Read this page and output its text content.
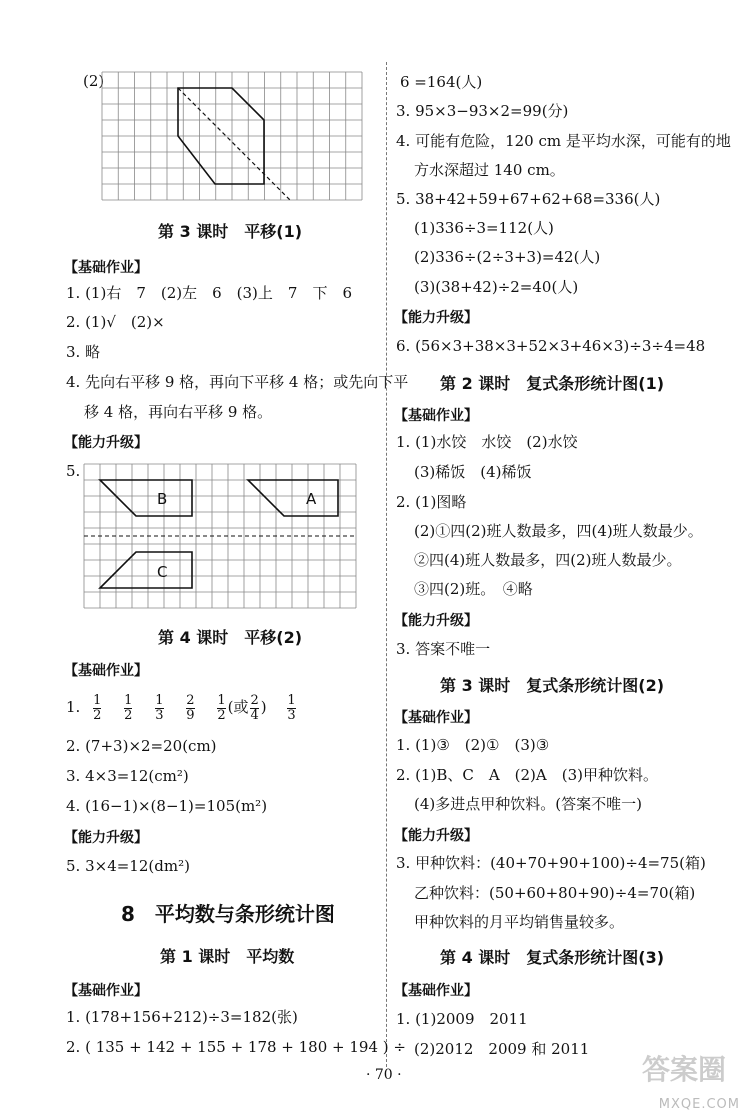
(2)
第 3 课时　平移(1)
【基础作业】
1. (1)右　7　(2)左　6　(3)上　7　下　6
2. (1)√　(2)×
3. 略
4. 先向右平移 9 格，再向下平移 4 格；或先向下平
移 4 格，再向右平移 9 格。
【能力升级】
5.
B	A
C
第 4 课时　平移(2)
【基础作业】
1. $\frac{1}{2}$
$\frac{1}{2}$
$\frac{1}{3}$
$\frac{2}{9}$
$\frac{1}{2}$ (或 $\frac{2}{4}$ ) $\frac{1}{3}$
2. (7+3)×2=20(cm)
3. 4×3=12(cm²)
4. (16−1)×(8−1)=105(m²)
【能力升级】
5. 3×4=12(dm²)
8　平均数与条形统计图
第 1 课时　平均数
【基础作业】
1. (178+156+212)÷3=182(张)
2. ( 135 + 142 + 155 + 178 + 180 + 194 ) ÷
6 =164(人)
3. 95×3−93×2=99(分)
4. 可能有危险，120 cm 是平均水深，可能有的地
方水深超过 140 cm。
5. 38+42+59+67+62+68=336(人)
(1)336÷3=112(人)
(2)336÷(2÷3+3)=42(人)
(3)(38+42)÷2=40(人)
【能力升级】
6. (56×3+38×3+52×3+46×3)÷3÷4=48
第 2 课时　复式条形统计图(1)
【基础作业】
1. (1)水饺　水饺　(2)水饺
(3)稀饭　(4)稀饭
2. (1)图略
(2)①四(2)班人数最多，四(4)班人数最少。
②四(4)班人数最多，四(2)班人数最少。
③四(2)班。　④略
【能力升级】
3. 答案不唯一
第 3 课时　复式条形统计图(2)
【基础作业】
1. (1)③　(2)①　(3)③
2. (1)B、C　A　(2)A　(3)甲种饮料。
(4)多进点甲种饮料。(答案不唯一)
【能力升级】
3. 甲种饮料：(40+70+90+100)÷4=75(箱)
乙种饮料：(50+60+80+90)÷4=70(箱)
甲种饮料的月平均销售量较多。
第 4 课时　复式条形统计图(3)
【基础作业】
1. (1)2009　2011
(2)2012　2009 和 2011
· 70 ·	答案圈
MXQE.COM
